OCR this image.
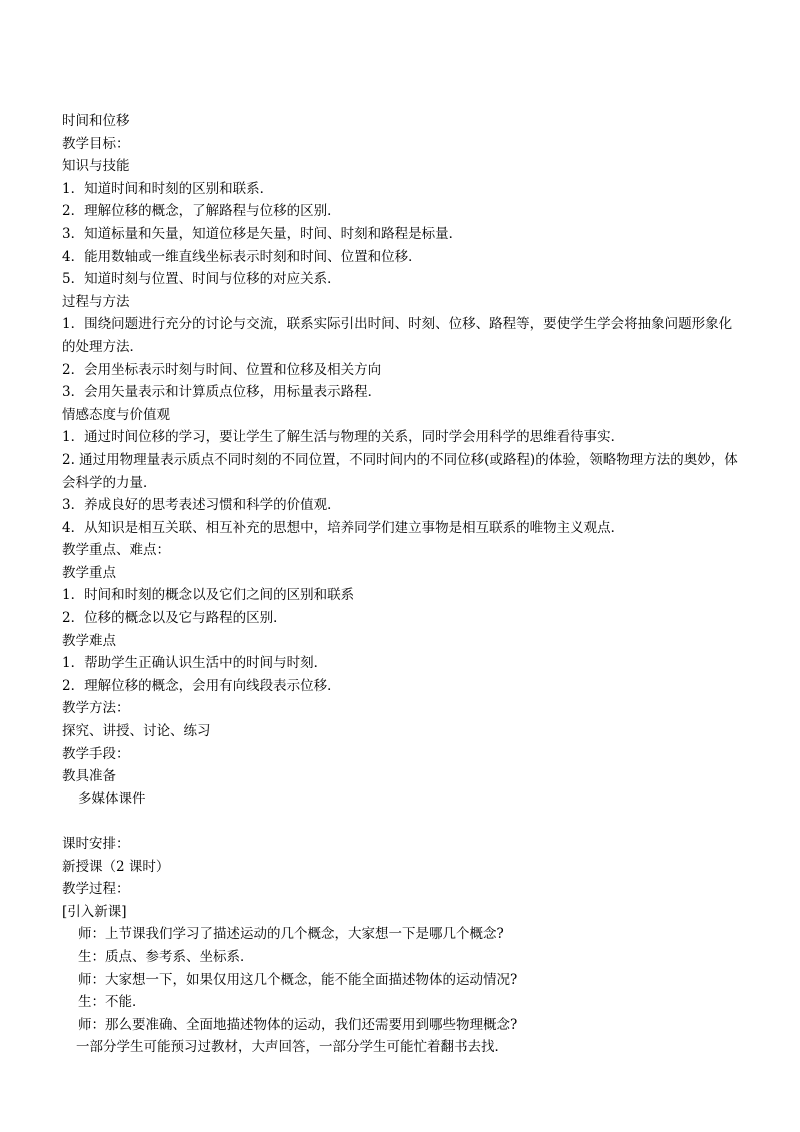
时间和位移
教学目标：
知识与技能
1．知道时间和时刻的区别和联系．
2．理解位移的概念，了解路程与位移的区别．
3．知道标量和矢量，知道位移是矢量，时间、时刻和路程是标量．
4．能用数轴或一维直线坐标表示时刻和时间、位置和位移．
5．知道时刻与位置、时间与位移的对应关系．
过程与方法
1．围绕问题进行充分的讨论与交流，联系实际引出时间、时刻、位移、路程等，要使学生学会将抽象问题形象化的处理方法．
2．会用坐标表示时刻与时间、位置和位移及相关方向
3．会用矢量表示和计算质点位移，用标量表示路程．
情感态度与价值观
1．通过时间位移的学习，要让学生了解生活与物理的关系，同时学会用科学的思维看待事实．
2. 通过用物理量表示质点不同时刻的不同位置，不同时间内的不同位移(或路程)的体验，领略物理方法的奥妙，体会科学的力量．
3．养成良好的思考表述习惯和科学的价值观．
4．从知识是相互关联、相互补充的思想中，培养同学们建立事物是相互联系的唯物主义观点．
教学重点、难点：
教学重点
1．时间和时刻的概念以及它们之间的区别和联系
2．位移的概念以及它与路程的区别．
教学难点
1．帮助学生正确认识生活中的时间与时刻．
2．理解位移的概念，会用有向线段表示位移．
教学方法：
探究、讲授、讨论、练习
教学手段：
教具准备
多媒体课件
课时安排：
新授课（2 课时）
教学过程：
[引入新课]
师：上节课我们学习了描述运动的几个概念，大家想一下是哪几个概念?
生：质点、参考系、坐标系．
师：大家想一下，如果仅用这几个概念，能不能全面描述物体的运动情况?
生：不能．
师：那么要准确、全面地描述物体的运动，我们还需要用到哪些物理概念?
一部分学生可能预习过教材，大声回答，一部分学生可能忙着翻书去找．
